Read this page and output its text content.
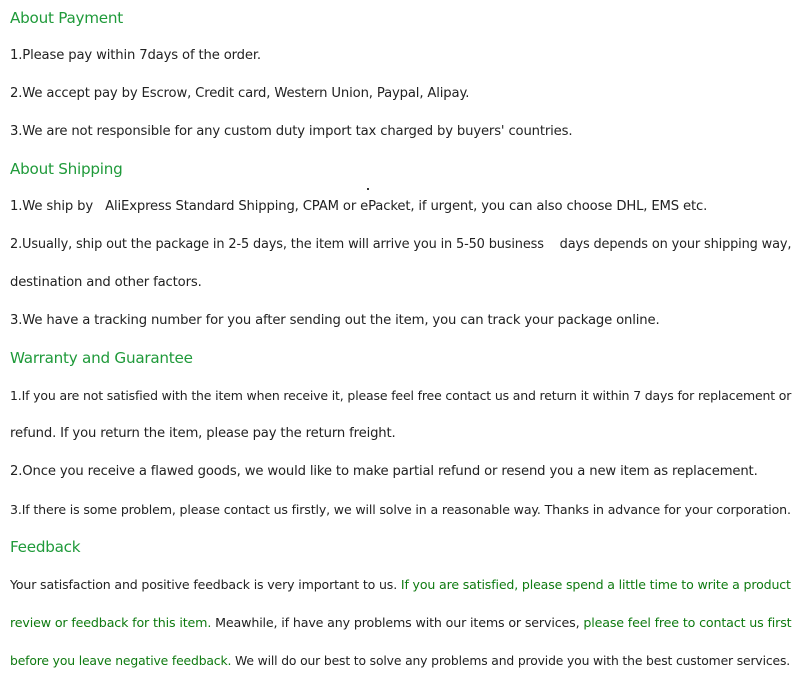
About Payment

1.Please pay within 7days of the order.

2.We accept pay by Escrow, Credit card, Western Union, Paypal, Alipay.

3.We are not responsible for any custom duty import tax charged by buyers' countries.

About Shipping

1.We ship by   AliExpress Standard Shipping, CPAM or ePacket, if urgent, you can also choose DHL, EMS etc.

2.Usually, ship out the package in 2-5 days, the item will arrive you in 5-50 business    days depends on your shipping way,

destination and other factors.

3.We have a tracking number for you after sending out the item, you can track your package online.

Warranty and Guarantee

1.If you are not satisfied with the item when receive it, please feel free contact us and return it within 7 days for replacement or

refund. If you return the item, please pay the return freight.

2.Once you receive a flawed goods, we would like to make partial refund or resend you a new item as replacement.

3.If there is some problem, please contact us firstly, we will solve in a reasonable way. Thanks in advance for your corporation.

Feedback

Your satisfaction and positive feedback is very important to us. If you are satisfied, please spend a little time to write a product

review or feedback for this item. Meawhile, if have any problems with our items or services, please feel free to contact us first

before you leave negative feedback. We will do our best to solve any problems and provide you with the best customer services.
